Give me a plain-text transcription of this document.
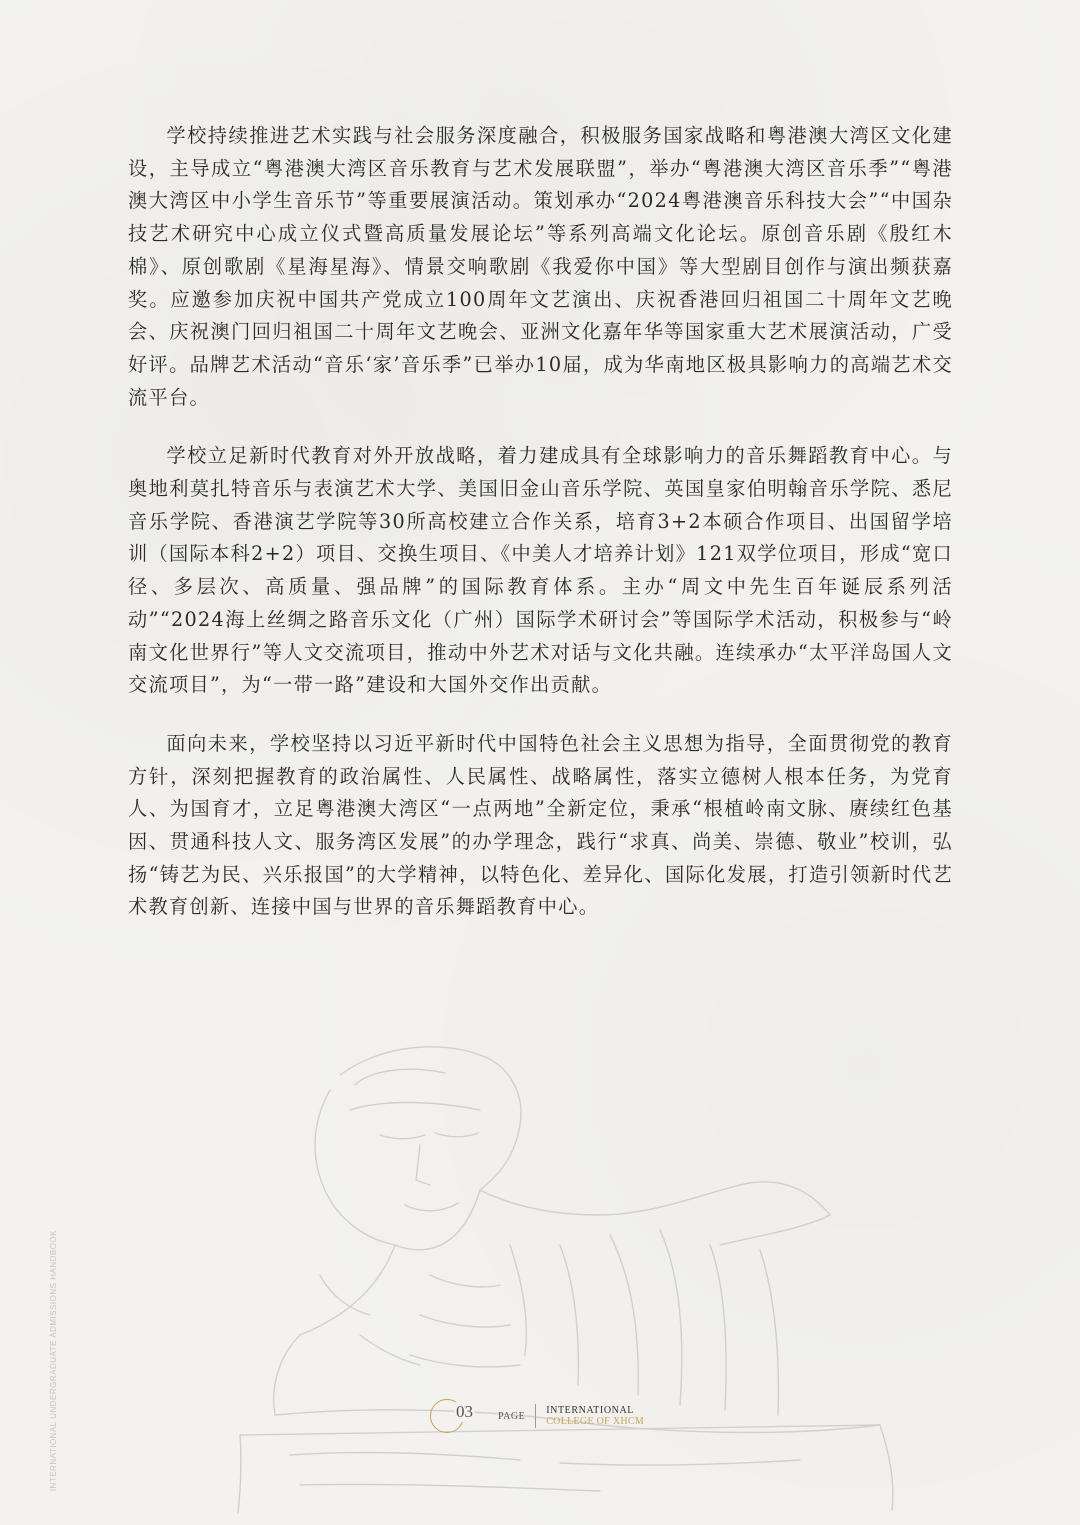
学校持续推进艺术实践与社会服务深度融合，积极服务国家战略和粤港澳大湾区文化建设，主导成立“粤港澳大湾区音乐教育与艺术发展联盟”，举办“粤港澳大湾区音乐季”“粤港澳大湾区中小学生音乐节”等重要展演活动。策划承办“2024粤港澳音乐科技大会”“中国杂技艺术研究中心成立仪式暨高质量发展论坛”等系列高端文化论坛。原创音乐剧《殷红木棉》、原创歌剧《星海星海》、情景交响歌剧《我爱你中国》等大型剧目创作与演出频获嘉奖。应邀参加庆祝中国共产党成立100周年文艺演出、庆祝香港回归祖国二十周年文艺晚会、庆祝澳门回归祖国二十周年文艺晚会、亚洲文化嘉年华等国家重大艺术展演活动，广受好评。品牌艺术活动“音乐‘家’音乐季”已举办10届，成为华南地区极具影响力的高端艺术交流平台。

学校立足新时代教育对外开放战略，着力建成具有全球影响力的音乐舞蹈教育中心。与奥地利莫扎特音乐与表演艺术大学、美国旧金山音乐学院、英国皇家伯明翰音乐学院、悉尼音乐学院、香港演艺学院等30所高校建立合作关系，培育3+2本硕合作项目、出国留学培训（国际本科2+2）项目、交换生项目、《中美人才培养计划》121双学位项目，形成“宽口径、多层次、高质量、强品牌”的国际教育体系。主办“周文中先生百年诞辰系列活动”“2024海上丝绸之路音乐文化（广州）国际学术研讨会”等国际学术活动，积极参与“岭南文化世界行”等人文交流项目，推动中外艺术对话与文化共融。连续承办“太平洋岛国人文交流项目”，为“一带一路”建设和大国外交作出贡献。

面向未来，学校坚持以习近平新时代中国特色社会主义思想为指导，全面贯彻党的教育方针，深刻把握教育的政治属性、人民属性、战略属性，落实立德树人根本任务，为党育人、为国育才，立足粤港澳大湾区“一点两地”全新定位，秉承“根植岭南文脉、赓续红色基因、贯通科技人文、服务湾区发展”的办学理念，践行“求真、尚美、崇德、敬业”校训，弘扬“铸艺为民、兴乐报国”的大学精神，以特色化、差异化、国际化发展，打造引领新时代艺术教育创新、连接中国与世界的音乐舞蹈教育中心。

INTERNATIONAL UNDERGRADUATE ADMISSIONS HANDBOOK	03	PAGE INTERNATIONAL
COLLEGE OF XHCM
